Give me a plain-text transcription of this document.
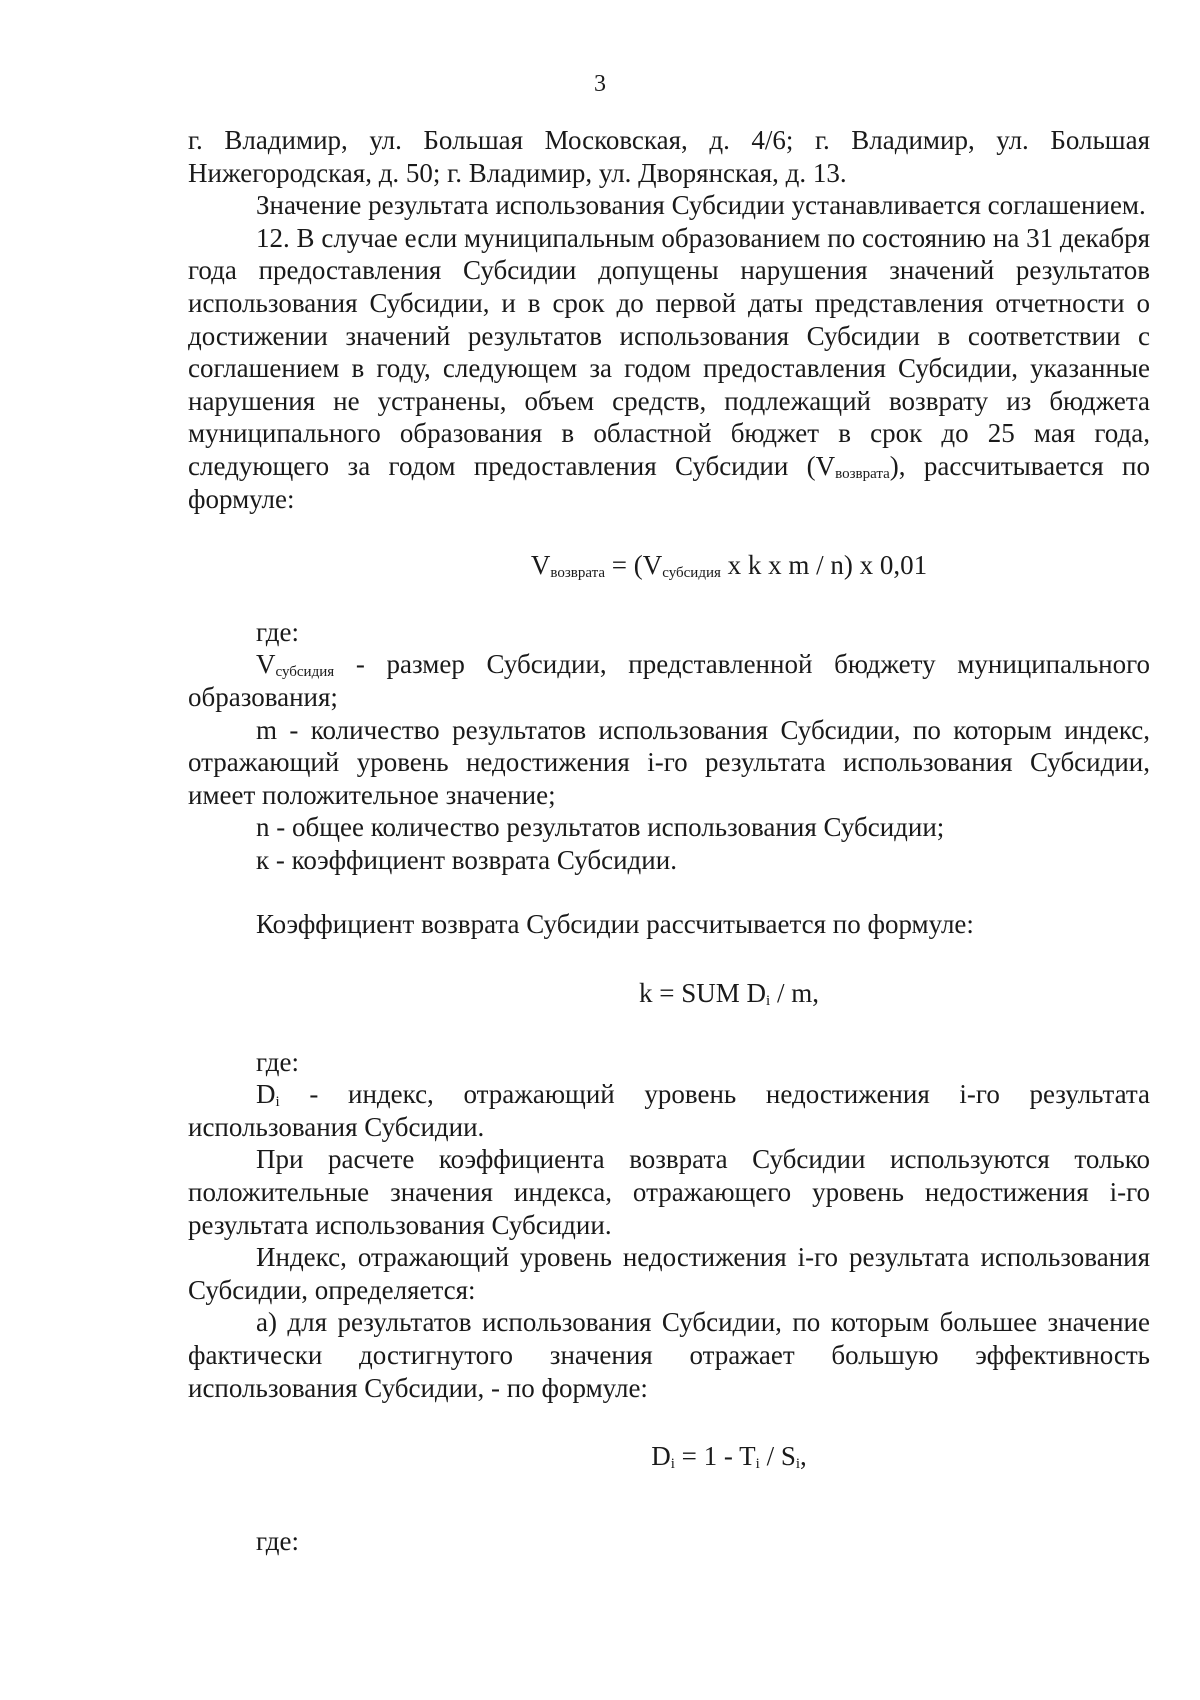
3

г. Владимир, ул. Большая Московская, д. 4/6; г. Владимир, ул. Большая Нижегородская, д. 50; г. Владимир, ул. Дворянская, д. 13.

Значение результата использования Субсидии устанавливается соглашением.

12. В случае если муниципальным образованием по состоянию на 31 декабря года предоставления Субсидии допущены нарушения значений результатов использования Субсидии, и в срок до первой даты представления отчетности о достижении значений результатов использования Субсидии в соответствии с соглашением в году, следующем за годом предоставления Субсидии, указанные нарушения не устранены, объем средств, подлежащий возврату из бюджета муниципального образования в областной бюджет в срок до 25 мая года, следующего за годом предоставления Субсидии $(V_{возврата})$, рассчитывается по формуле:

$V_{возврата} = (V_{субсидия}$ x k x m / n) x 0,01

где:

$V_{субсидия}$ - размер Субсидии, представленной бюджету муниципального образования;

m - количество результатов использования Субсидии, по которым индекс, отражающий уровень недостижения i-го результата использования Субсидии, имеет положительное значение;

n - общее количество результатов использования Субсидии;

к - коэффициент возврата Субсидии.

Коэффициент возврата Субсидии рассчитывается по формуле:

k = SUM $D_i$ / m,

где:

$D_i$ - индекс, отражающий уровень недостижения i-го результата использования Субсидии.

При расчете коэффициента возврата Субсидии используются только положительные значения индекса, отражающего уровень недостижения i-го результата использования Субсидии.

Индекс, отражающий уровень недостижения i-го результата использования Субсидии, определяется:

а) для результатов использования Субсидии, по которым большее значение фактически достигнутого значения отражает большую эффективность использования Субсидии, - по формуле:

$D_i = 1 - T_i / S_i$,

где:
